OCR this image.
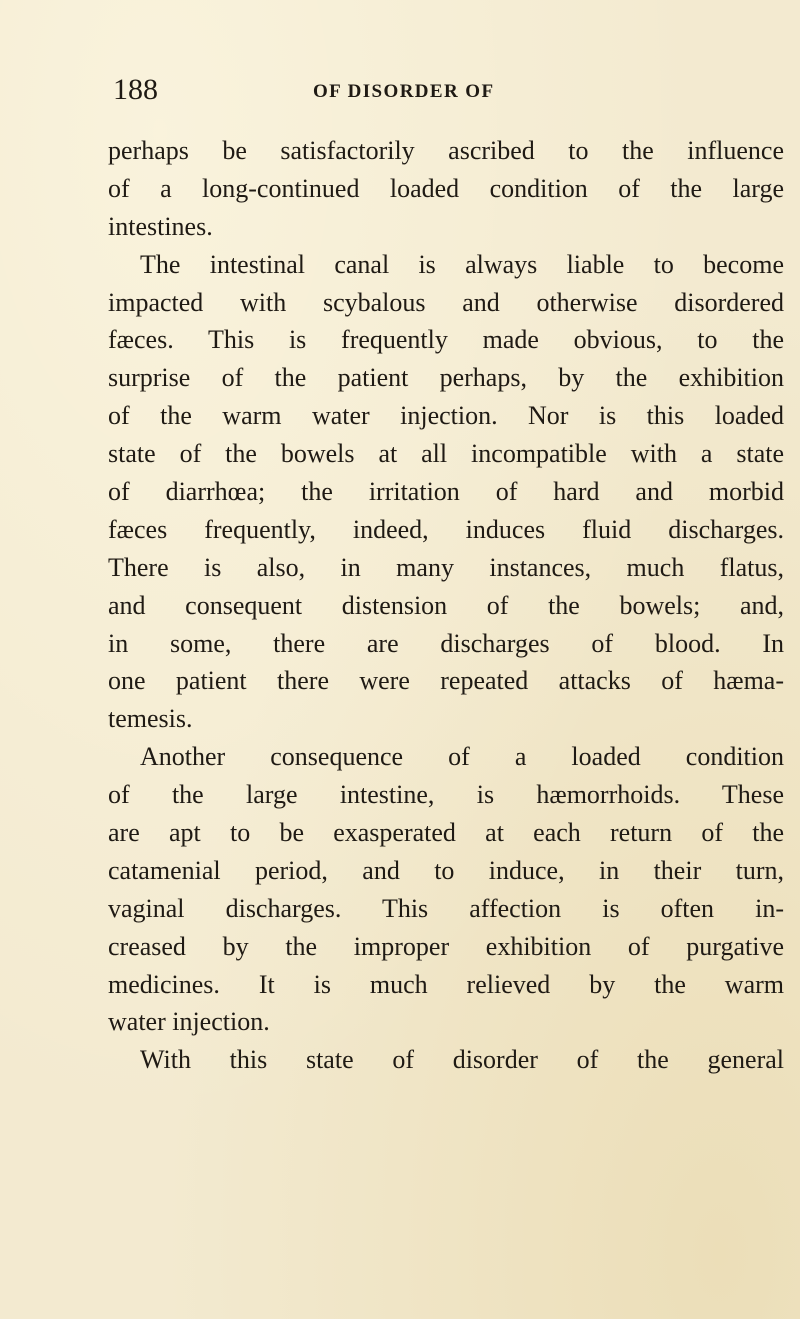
188	OF DISORDER OF
perhaps be satisfactorily ascribed to the influence
of a long-continued loaded condition of the large
intestines.
The intestinal canal is always liable to become
impacted with scybalous and otherwise disordered
fæces. This is frequently made obvious, to the
surprise of the patient perhaps, by the exhibition
of the warm water injection. Nor is this loaded
state of the bowels at all incompatible with a state
of diarrhœa; the irritation of hard and morbid
fæces frequently, indeed, induces fluid discharges.
There is also, in many instances, much flatus,
and consequent distension of the bowels; and,
in some, there are discharges of blood. In
one patient there were repeated attacks of hæma-
temesis.
Another consequence of a loaded condition
of the large intestine, is hæmorrhoids. These
are apt to be exasperated at each return of the
catamenial period, and to induce, in their turn,
vaginal discharges. This affection is often in-
creased by the improper exhibition of purgative
medicines. It is much relieved by the warm
water injection.
With this state of disorder of the general
